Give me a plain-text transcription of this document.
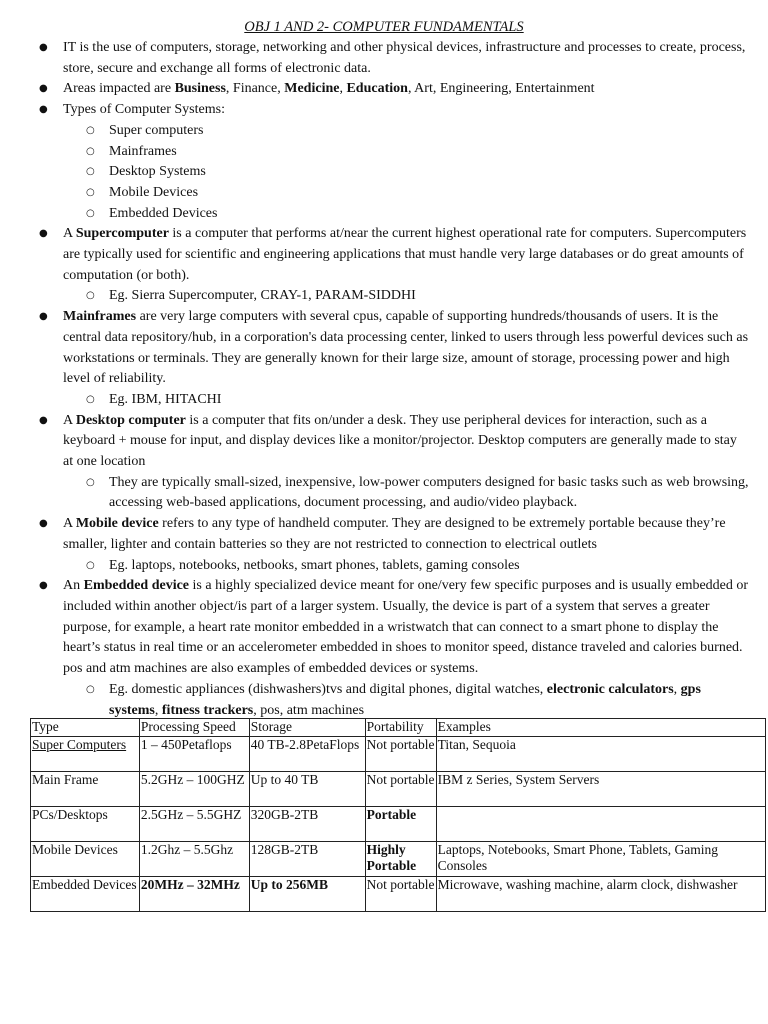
OBJ 1 AND 2- COMPUTER FUNDAMENTALS
● IT is the use of computers, storage, networking and other physical devices, infrastructure and processes to create, process, store, secure and exchange all forms of electronic data.
● Areas impacted are Business, Finance, Medicine, Education, Art, Engineering, Entertainment
● Types of Computer Systems:
○ Super computers
○ Mainframes
○ Desktop Systems
○ Mobile Devices
○ Embedded Devices
● A Supercomputer is a computer that performs at/near the current highest operational rate for computers. Supercomputers are typically used for scientific and engineering applications that must handle very large databases or do great amounts of computation (or both).
○ Eg. Sierra Supercomputer, CRAY-1, PARAM-SIDDHI
● Mainframes are very large computers with several cpus, capable of supporting hundreds/thousands of users. It is the central data repository/hub, in a corporation's data processing center, linked to users through less powerful devices such as workstations or terminals. They are generally known for their large size, amount of storage, processing power and high level of reliability.
○ Eg. IBM, HITACHI
● A Desktop computer is a computer that fits on/under a desk. They use peripheral devices for interaction, such as a keyboard + mouse for input, and display devices like a monitor/projector. Desktop computers are generally made to stay at one location
○ They are typically small-sized, inexpensive, low-power computers designed for basic tasks such as web browsing, accessing web-based applications, document processing, and audio/video playback.
● A Mobile device refers to any type of handheld computer. They are designed to be extremely portable because they’re smaller, lighter and contain batteries so they are not restricted to connection to electrical outlets
○ Eg. laptops, notebooks, netbooks, smart phones, tablets, gaming consoles
● An Embedded device is a highly specialized device meant for one/very few specific purposes and is usually embedded or included within another object/is part of a larger system. Usually, the device is part of a system that serves a greater purpose, for example, a heart rate monitor embedded in a wristwatch that can connect to a smart phone to display the heart’s status in real time or an accelerometer embedded in shoes to monitor speed, distance traveled and calories burned. pos and atm machines are also examples of embedded devices or systems.
○ Eg. domestic appliances (dishwashers)tvs and digital phones, digital watches, electronic calculators, gps systems, fitness trackers, pos, atm machines
Type	Processing Speed	Storage	Portability	Examples
Super Computers	1 – 450Petaflops	40 TB-2.8PetaFlops	Not portable	Titan, Sequoia
Main Frame	5.2GHz – 100GHZ	Up to 40 TB	Not portable	IBM z Series, System Servers
PCs/Desktops	2.5GHz – 5.5GHZ	320GB-2TB	Portable	
Mobile Devices	1.2Ghz – 5.5Ghz	128GB-2TB	Highly Portable	Laptops, Notebooks, Smart Phone, Tablets, Gaming Consoles
Embedded Devices	20MHz – 32MHz	Up to 256MB	Not portable	Microwave, washing machine, alarm clock, dishwasher
